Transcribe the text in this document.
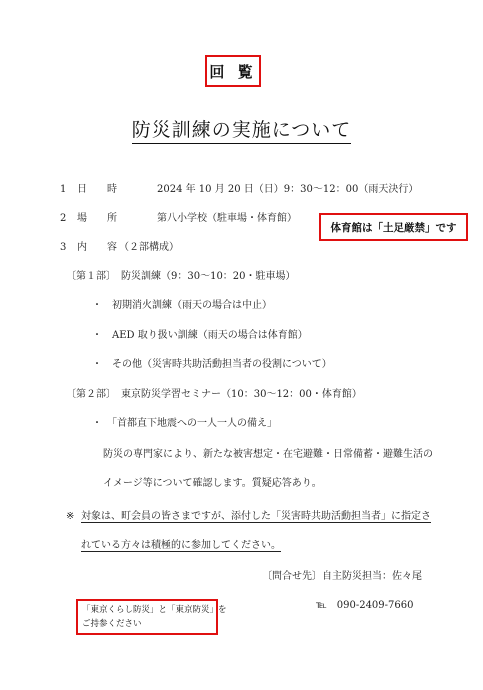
回 覧
防災訓練の実施について
1 日　　時	2024 年 10 月 20 日（日）9：30〜12：00（雨天決行）
2 場　　所	第八小学校（駐車場・体育館）
体育館は「土足厳禁」です
3 内　　容 （２部構成）
〔第１部〕　防災訓練（9：30〜10：20・駐車場）
・　初期消火訓練（雨天の場合は中止）
・　AED 取り扱い訓練（雨天の場合は体育館）
・　その他（災害時共助活動担当者の役割について）
〔第２部〕　東京防災学習セミナー（10：30〜12：00・体育館）
・　「首都直下地震への一人一人の備え」
防災の専門家により、新たな被害想定・在宅避難・日常備蓄・避難生活の
イメージ等について確認します。質疑応答あり。
※ 対象は、町会員の皆さまですが、添付した「災害時共助活動担当者」に指定さ
れている方々は積極的に参加してください。
〔問合せ先〕自主防災担当：佐々尾
℡　090-2409-7660
「東京くらし防災」と「東京防災」を
ご持参ください
